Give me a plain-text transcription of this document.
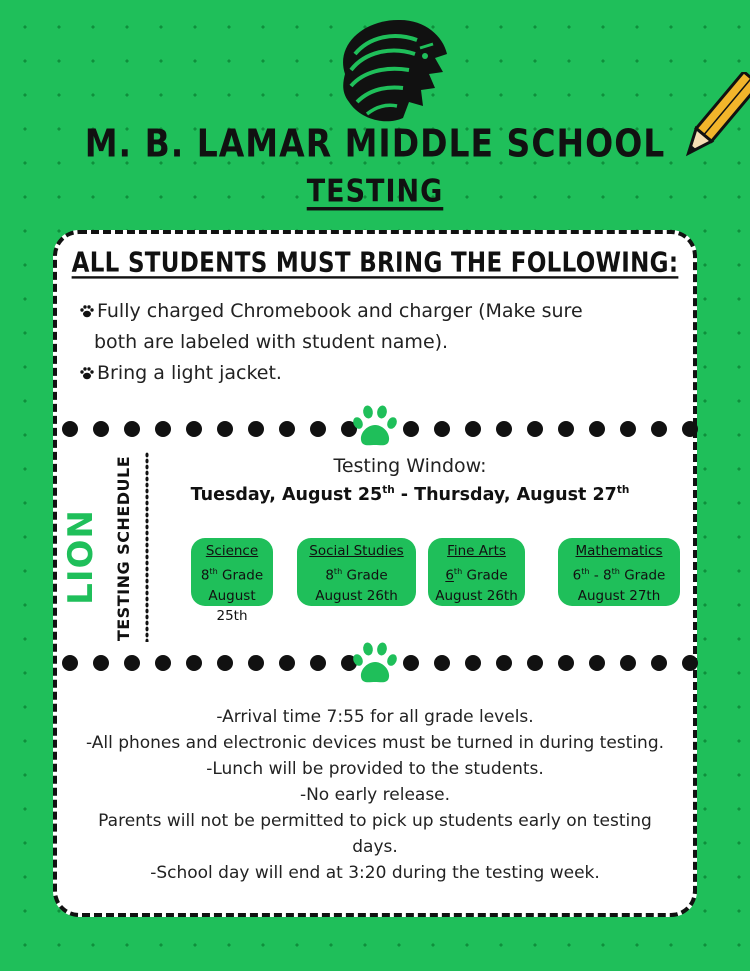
M. B. LAMAR MIDDLE SCHOOL
TESTING
ALL STUDENTS MUST BRING THE FOLLOWING:
Fully charged Chromebook and charger (Make sure
both are labeled with student name).
Bring a light jacket.
LION TESTING SCHEDULE	Testing Window:
Tuesday, August 25th - Thursday, August 27th
Science
8th Grade
August 25th
Social Studies
8th Grade
August 26th
Fine Arts
6th Grade
August 26th
Mathematics
6th - 8th Grade
August 27th
-Arrival time 7:55 for all grade levels.
-All phones and electronic devices must be turned in during testing.
-Lunch will be provided to the students.
-No early release.
Parents will not be permitted to pick up students early on testing
days.
-School day will end at 3:20 during the testing week.
